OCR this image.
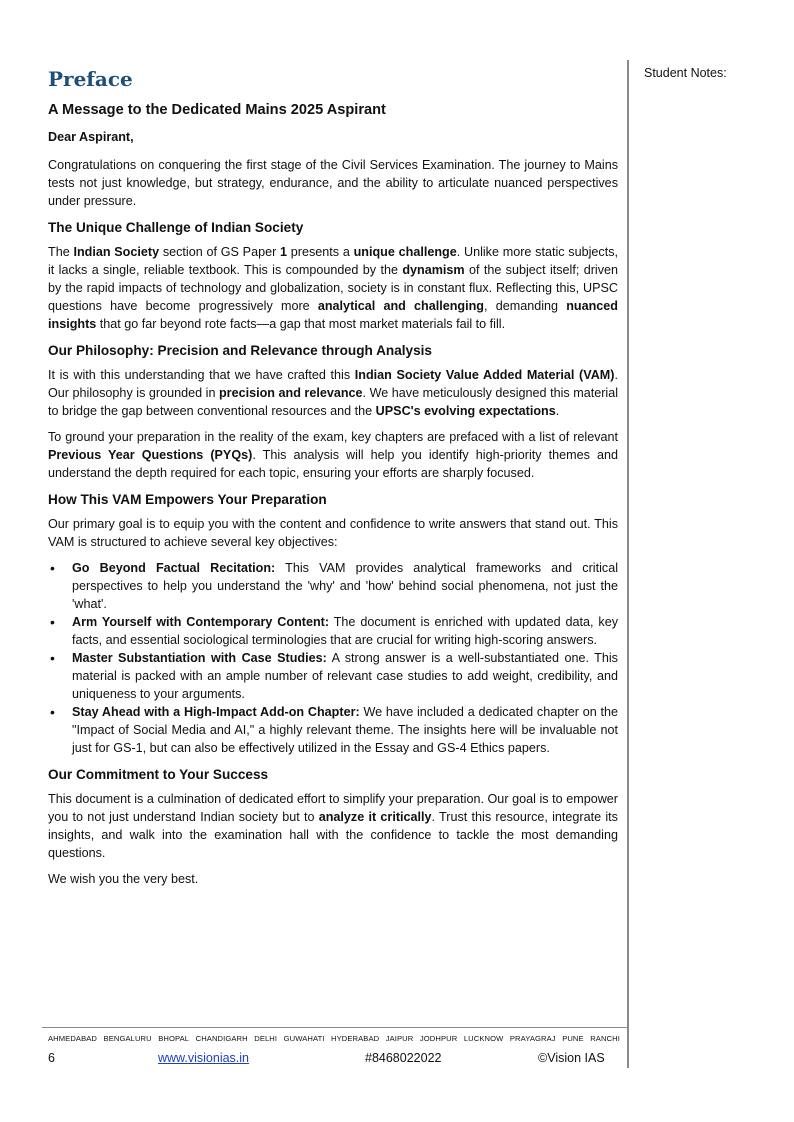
Student Notes:
Preface
A Message to the Dedicated Mains 2025 Aspirant

Dear Aspirant,

Congratulations on conquering the first stage of the Civil Services Examination. The journey to Mains tests not just knowledge, but strategy, endurance, and the ability to articulate nuanced perspectives under pressure.

The Unique Challenge of Indian Society

The Indian Society section of GS Paper 1 presents a unique challenge. Unlike more static subjects, it lacks a single, reliable textbook. This is compounded by the dynamism of the subject itself; driven by the rapid impacts of technology and globalization, society is in constant flux. Reflecting this, UPSC questions have become progressively more analytical and challenging, demanding nuanced insights that go far beyond rote facts—a gap that most market materials fail to fill.

Our Philosophy: Precision and Relevance through Analysis

It is with this understanding that we have crafted this Indian Society Value Added Material (VAM). Our philosophy is grounded in precision and relevance. We have meticulously designed this material to bridge the gap between conventional resources and the UPSC's evolving expectations.

To ground your preparation in the reality of the exam, key chapters are prefaced with a list of relevant Previous Year Questions (PYQs). This analysis will help you identify high-priority themes and understand the depth required for each topic, ensuring your efforts are sharply focused.

How This VAM Empowers Your Preparation

Our primary goal is to equip you with the content and confidence to write answers that stand out. This VAM is structured to achieve several key objectives:

• Go Beyond Factual Recitation: This VAM provides analytical frameworks and critical perspectives to help you understand the 'why' and 'how' behind social phenomena, not just the 'what'.
• Arm Yourself with Contemporary Content: The document is enriched with updated data, key facts, and essential sociological terminologies that are crucial for writing high-scoring answers.
• Master Substantiation with Case Studies: A strong answer is a well-substantiated one. This material is packed with an ample number of relevant case studies to add weight, credibility, and uniqueness to your arguments.
• Stay Ahead with a High-Impact Add-on Chapter: We have included a dedicated chapter on the "Impact of Social Media and AI," a highly relevant theme. The insights here will be invaluable not just for GS-1, but can also be effectively utilized in the Essay and GS-4 Ethics papers.
Our Commitment to Your Success

This document is a culmination of dedicated effort to simplify your preparation. Our goal is to empower you to not just understand Indian society but to analyze it critically. Trust this resource, integrate its insights, and walk into the examination hall with the confidence to tackle the most demanding questions.

We wish you the very best.

AHMEDABAD BENGALURU BHOPAL CHANDIGARH DELHI GUWAHATI HYDERABAD JAIPUR JODHPUR LUCKNOW PRAYAGRAJ PUNE RANCHI
6	www.visionias.in	#8468022022	©Vision IAS
